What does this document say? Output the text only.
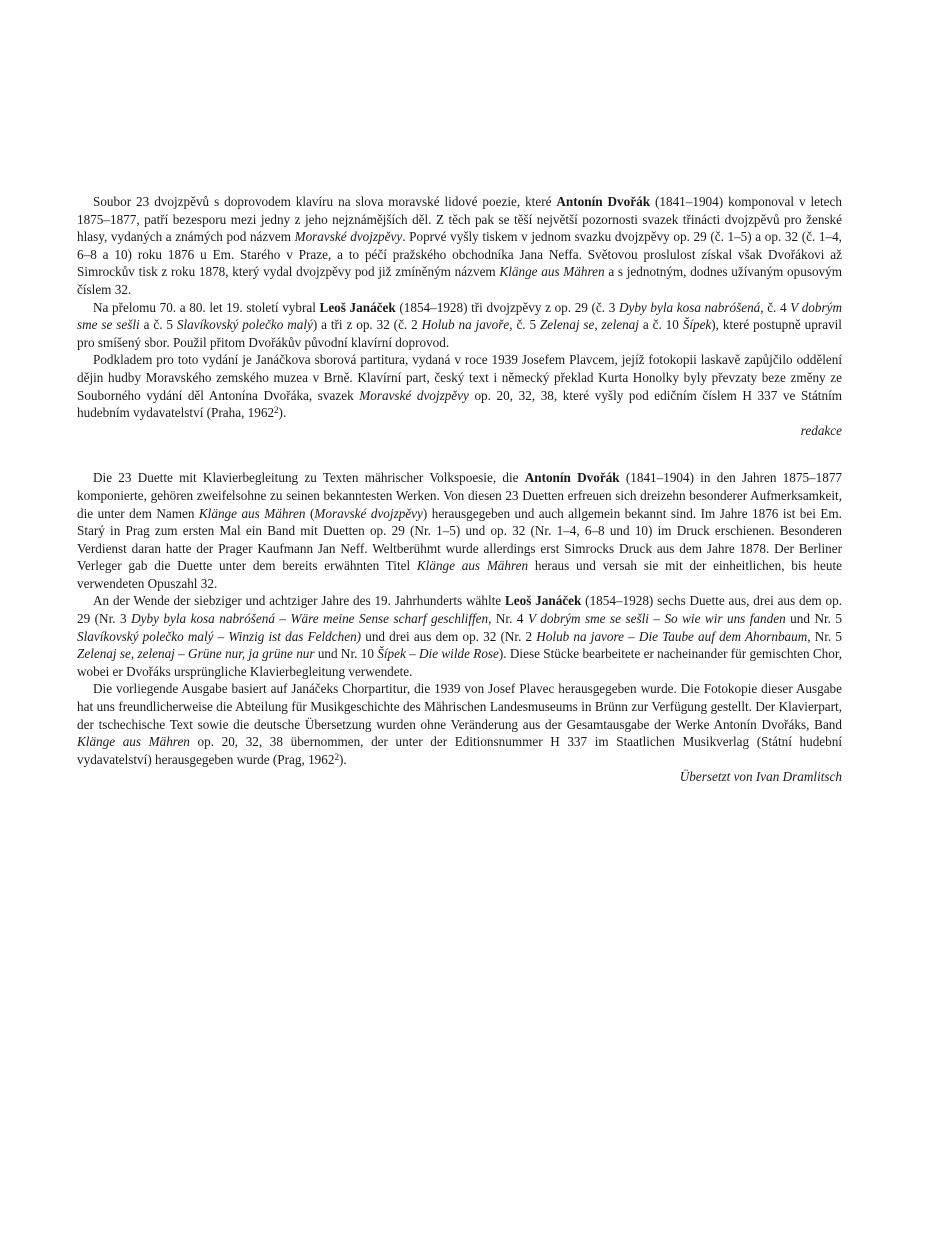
Soubor 23 dvojzpěvů s doprovodem klavíru na slova moravské lidové poezie, které Antonín Dvořák (1841–1904) komponoval v letech 1875–1877, patří bezesporu mezi jedny z jeho nejznámějších děl. Z těch pak se těší největší pozornosti svazek třinácti dvojzpěvů pro ženské hlasy, vydaných a známých pod názvem Moravské dvojzpěvy. Poprvé vyšly tiskem v jednom svazku dvojzpěvy op. 29 (č. 1–5) a op. 32 (č. 1–4, 6–8 a 10) roku 1876 u Em. Starého v Praze, a to péčí pražského obchodníka Jana Neffa. Světovou proslulost získal však Dvořákovi až Simrockův tisk z roku 1878, který vydal dvojzpěvy pod již zmíněným názvem Klänge aus Mähren a s jednotným, dodnes užívaným opusovým číslem 32.

Na přelomu 70. a 80. let 19. století vybral Leoš Janáček (1854–1928) tři dvojzpěvy z op. 29 (č. 3 Dyby byla kosa nabróšená, č. 4 V dobrým sme se sešli a č. 5 Slavíkovský polečko malý) a tři z op. 32 (č. 2 Holub na javoře, č. 5 Zelenaj se, zelenaj a č. 10 Šípek), které postupně upravil pro smíšený sbor. Použil přitom Dvořákův původní klavírní doprovod.

Podkladem pro toto vydání je Janáčkova sborová partitura, vydaná v roce 1939 Josefem Plavcem, jejíž fotokopii laskavě zapůjčilo oddělení dějin hudby Moravského zemského muzea v Brně. Klavírní part, český text i německý překlad Kurta Honolky byly převzaty beze změny ze Souborného vydání děl Antonína Dvořáka, svazek Moravské dvojzpěvy op. 20, 32, 38, které vyšly pod edičním číslem H 337 ve Státním hudebním vydavatelství (Praha, 1962$^2$).

redakce

Die 23 Duette mit Klavierbegleitung zu Texten mährischer Volkspoesie, die Antonín Dvořák (1841–1904) in den Jahren 1875–1877 komponierte, gehören zweifelsohne zu seinen bekanntesten Werken. Von diesen 23 Duetten erfreuen sich dreizehn besonderer Aufmerksamkeit, die unter dem Namen Klänge aus Mähren (Moravské dvojzpěvy) herausgegeben und auch allgemein bekannt sind. Im Jahre 1876 ist bei Em. Starý in Prag zum ersten Mal ein Band mit Duetten op. 29 (Nr. 1–5) und op. 32 (Nr. 1–4, 6–8 und 10) im Druck erschienen. Besonderen Verdienst daran hatte der Prager Kaufmann Jan Neff. Weltberühmt wurde allerdings erst Simrocks Druck aus dem Jahre 1878. Der Berliner Verleger gab die Duette unter dem bereits erwähnten Titel Klänge aus Mähren heraus und versah sie mit der einheitlichen, bis heute verwendeten Opuszahl 32.

An der Wende der siebziger und achtziger Jahre des 19. Jahrhunderts wählte Leoš Janáček (1854–1928) sechs Duette aus, drei aus dem op. 29 (Nr. 3 Dyby byla kosa nabróšená – Wäre meine Sense scharf geschliffen, Nr. 4 V dobrým sme se sešli – So wie wir uns fanden und Nr. 5 Slavíkovský polečko malý – Winzig ist das Feldchen) und drei aus dem op. 32 (Nr. 2 Holub na javore – Die Taube auf dem Ahornbaum, Nr. 5 Zelenaj se, zelenaj – Grüne nur, ja grüne nur und Nr. 10 Šípek – Die wilde Rose). Diese Stücke bearbeitete er nacheinander für gemischten Chor, wobei er Dvořáks ursprüngliche Klavierbegleitung verwendete.

Die vorliegende Ausgabe basiert auf Janáčeks Chorpartitur, die 1939 von Josef Plavec herausgegeben wurde. Die Fotokopie dieser Ausgabe hat uns freundlicherweise die Abteilung für Musikgeschichte des Mährischen Landesmuseums in Brünn zur Verfügung gestellt. Der Klavierpart, der tschechische Text sowie die deutsche Übersetzung wurden ohne Veränderung aus der Gesamtausgabe der Werke Antonín Dvořáks, Band Klänge aus Mähren op. 20, 32, 38 übernommen, der unter der Editionsnummer H 337 im Staatlichen Musikverlag (Státní hudební vydavatelství) herausgegeben wurde (Prag, 1962$^2$).

Übersetzt von Ivan Dramlitsch
